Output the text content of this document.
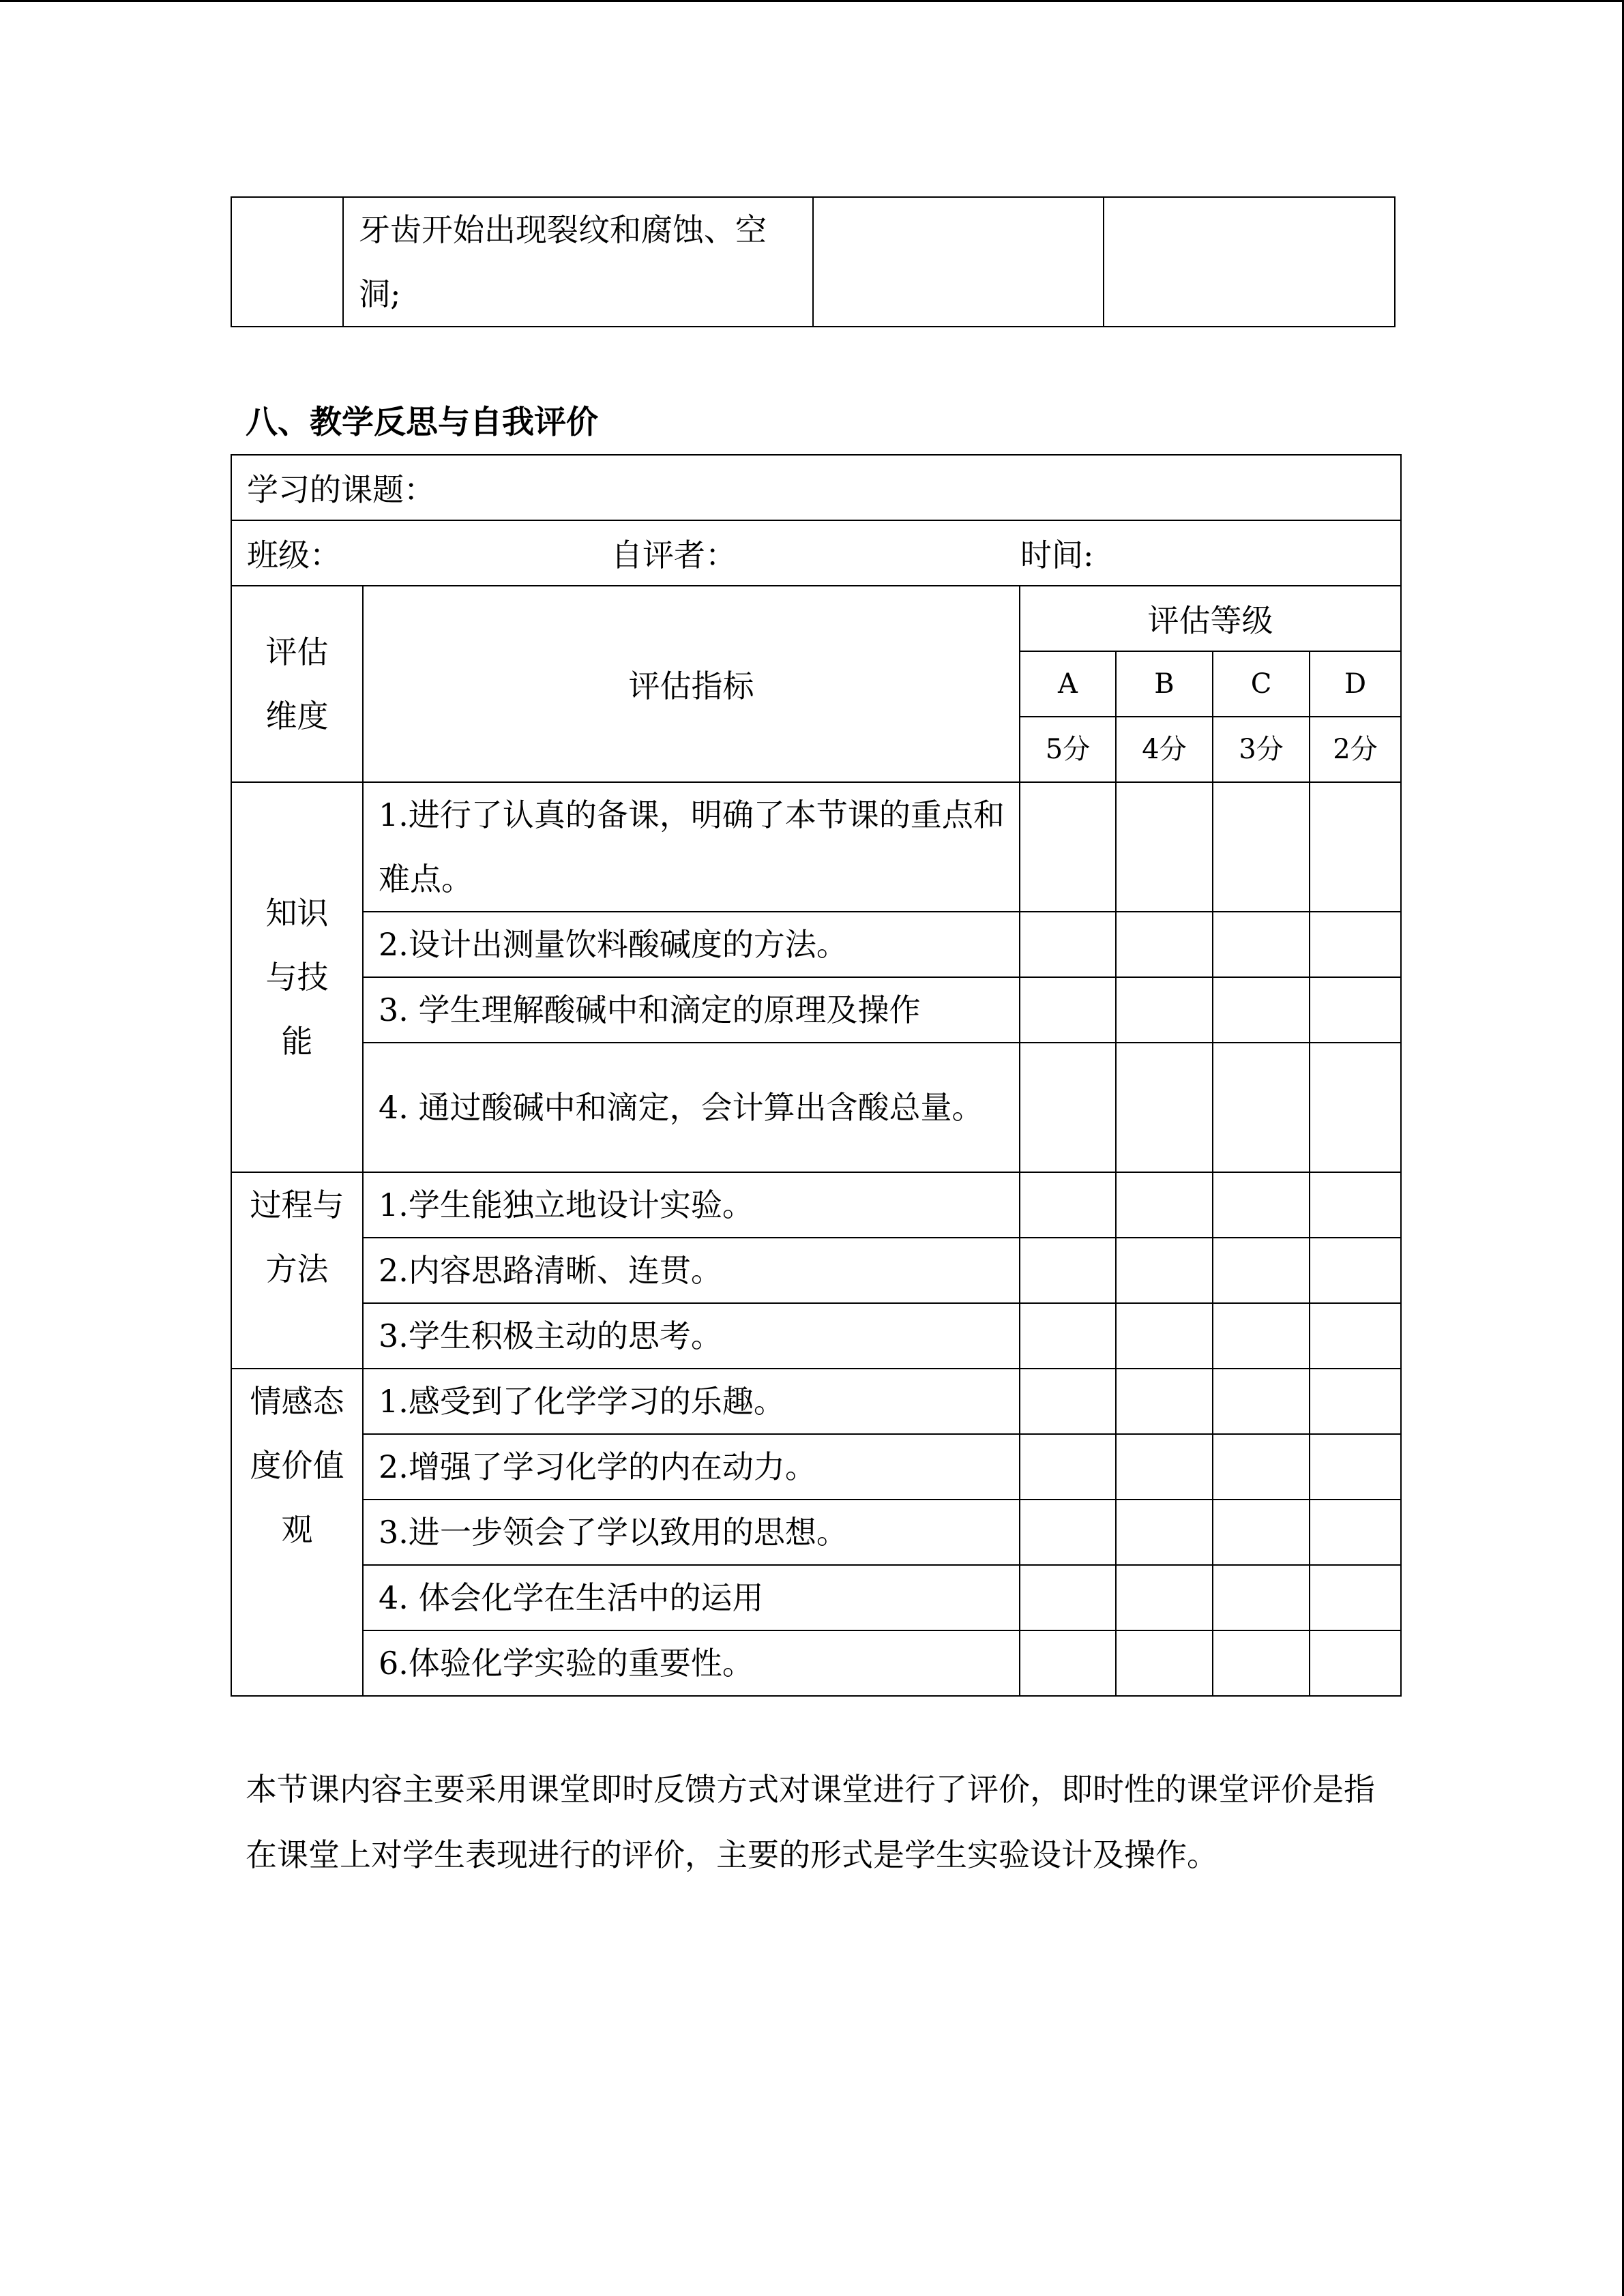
	牙齿开始出现裂纹和腐蚀、空洞;		
八、教学反思与自我评价
学习的课题：					
班级： 自评者： 时间:					

评估维度	评估指标	评估等级			
		A	B	C	D
		5分	4分	3分	2分

知识与技能	1.进行了认真的备课，明确了本节课的重点和难点。				
	2.设计出测量饮料酸碱度的方法。				
	3. 学生理解酸碱中和滴定的原理及操作				
	4. 通过酸碱中和滴定，会计算出含酸总量。				

过程与方法	1.学生能独立地设计实验。				
	2.内容思路清晰、连贯。				
	3.学生积极主动的思考。				

情感态度价值观	1.感受到了化学学习的乐趣。				
	2.增强了学习化学的内在动力。				
	3.进一步领会了学以致用的思想。				
	4. 体会化学在生活中的运用				
	6.体验化学实验的重要性。				

本节课内容主要采用课堂即时反馈方式对课堂进行了评价，即时性的课堂评价是指在课堂上对学生表现进行的评价，主要的形式是学生实验设计及操作。
